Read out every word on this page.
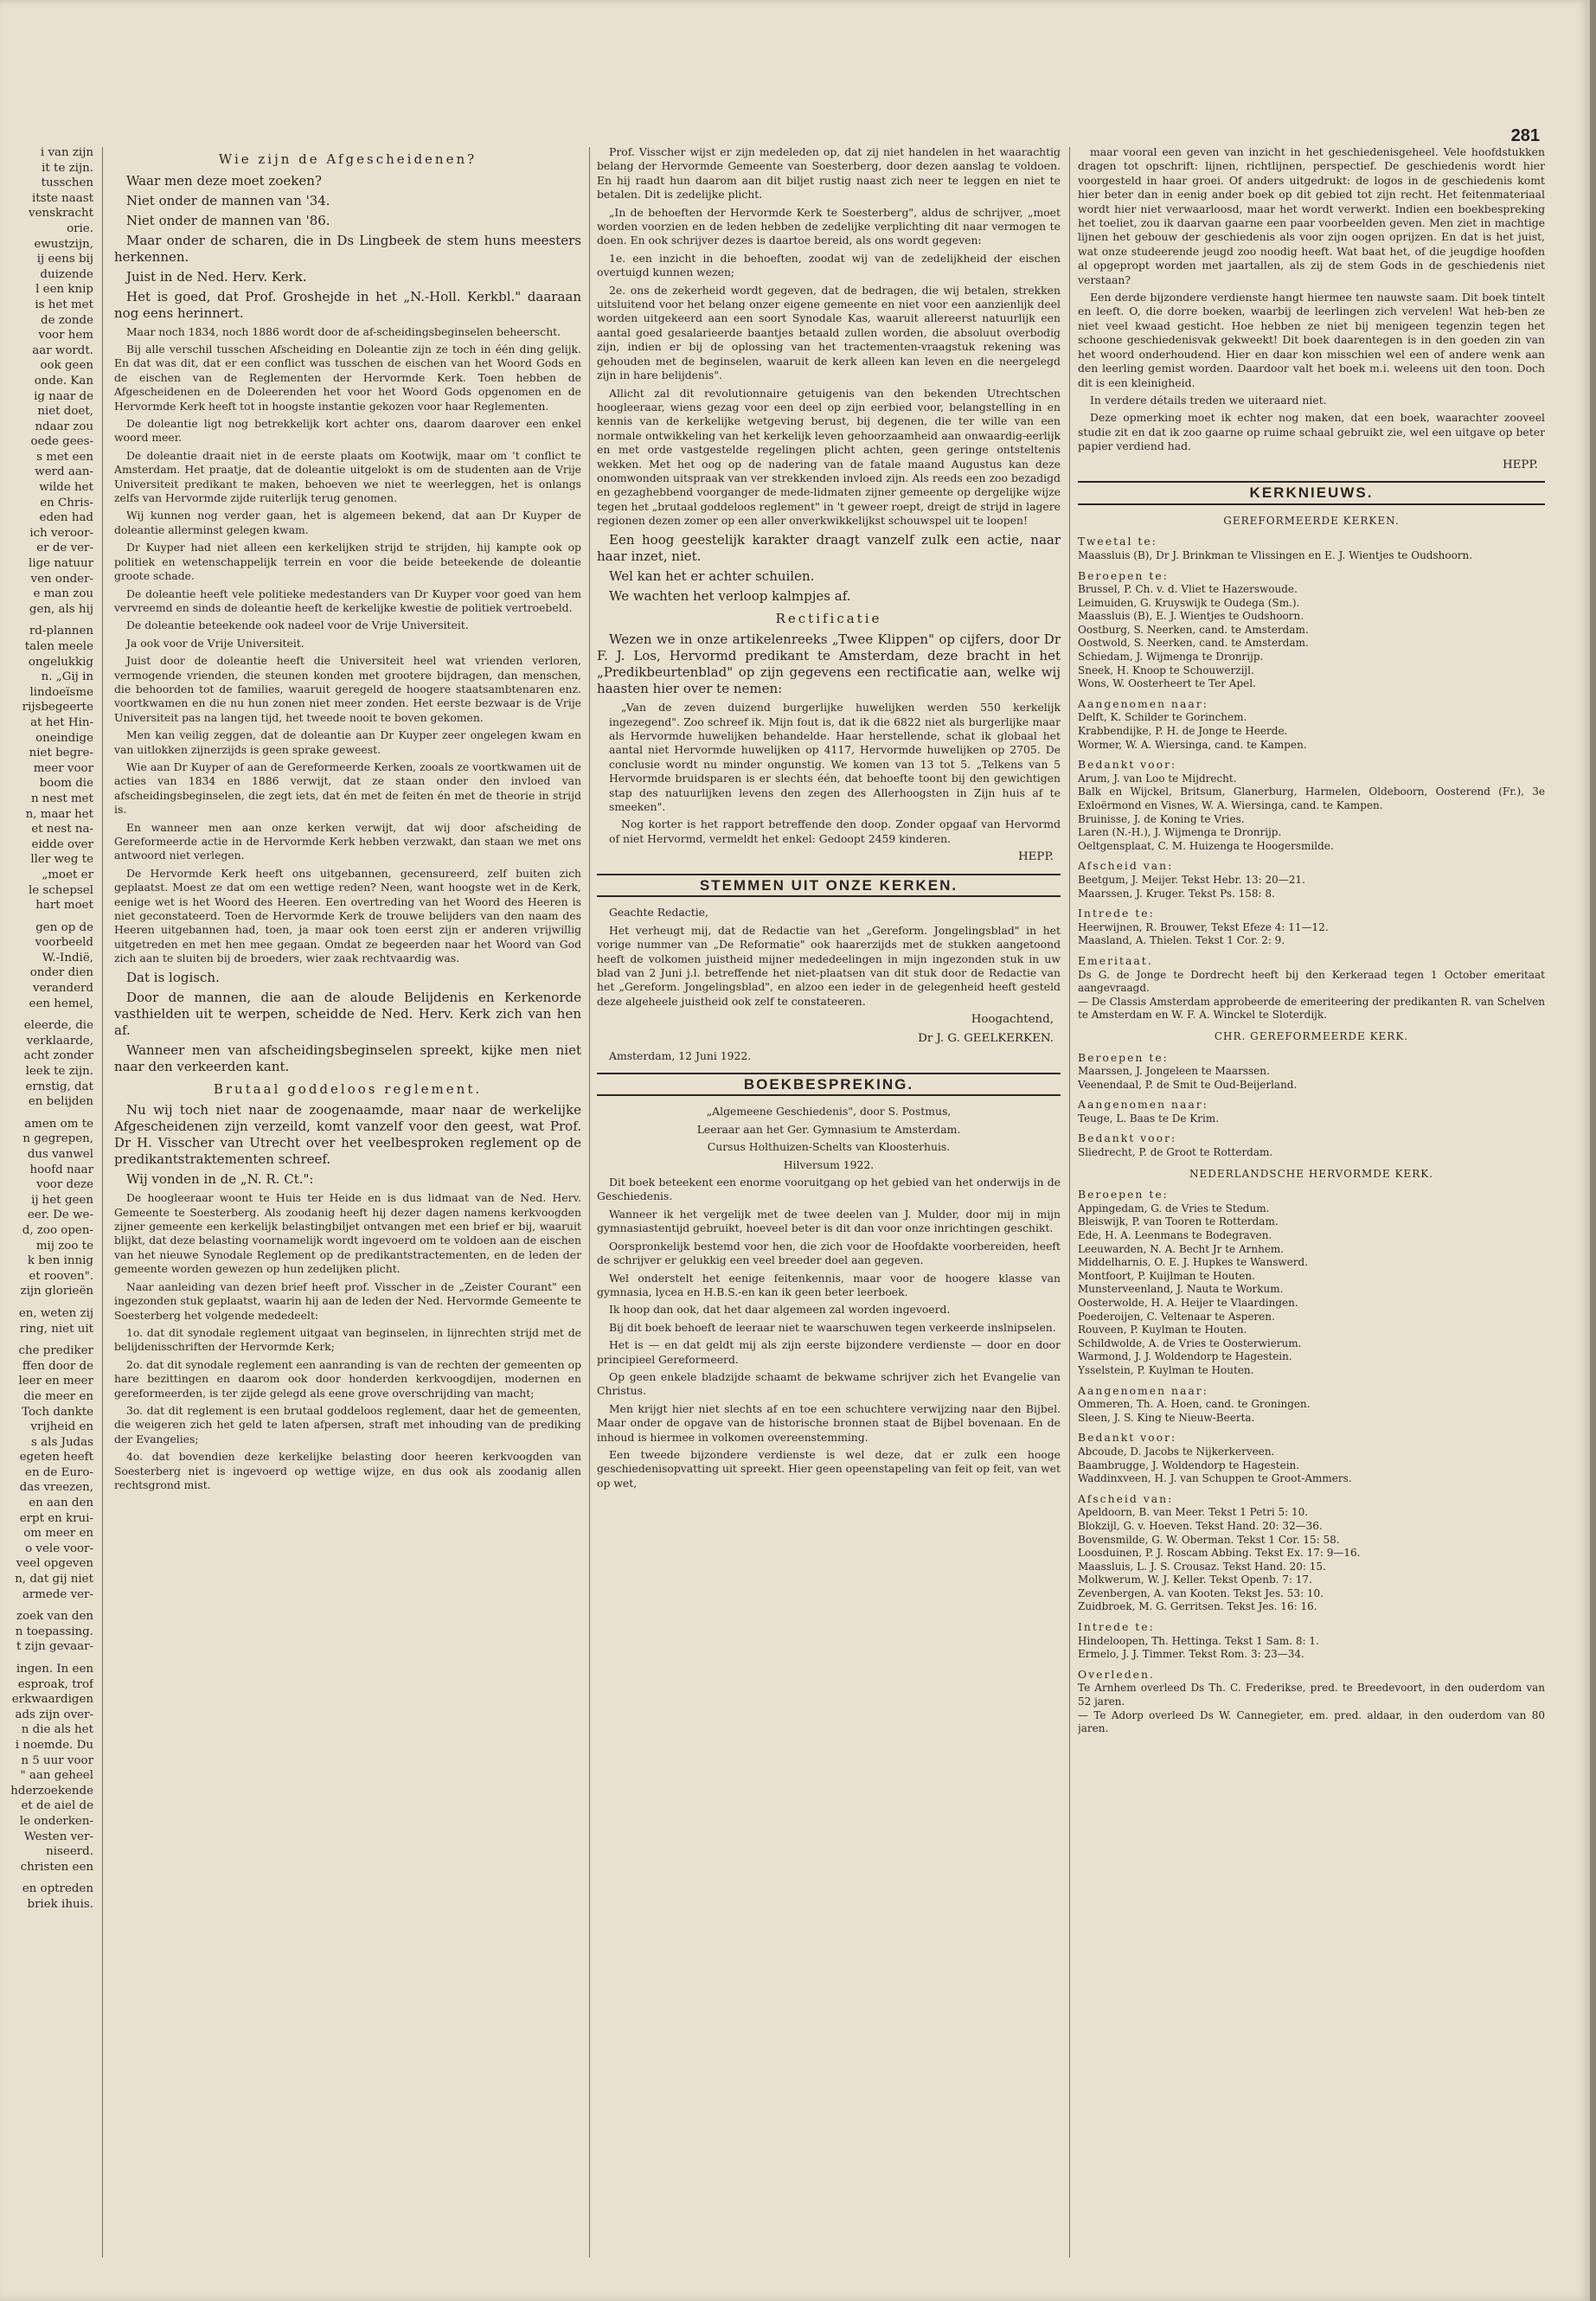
281
i van zijn
it te zijn.
tusschen
itste naast
venskracht
orie.
ewustzijn,
ij eens bij
duizende
l een knip
is het met
de zonde
voor hem
aar wordt.
ook geen
onde. Kan
ig naar de
niet doet,
ndaar zou
oede gees-
s met een
werd aan-
wilde het
en Chris-
eden had
ich veroor-
er de ver-
lige natuur
ven onder-
e man zou
gen, als hij
rd-plannen
talen meele
ongelukkig
n. „Gij in
lindoeïsme
rijsbegeerte
at het Hin-
oneindige
niet begre-
meer voor
boom die
n nest met
n, maar het
et nest na-
eidde over
ller weg te
„moet er
le schepsel
hart moet
gen op de
voorbeeld
W.-Indië,
onder dien
veranderd
een hemel,
eleerde, die
verklaarde,
acht zonder
leek te zijn.
ernstig, dat
en belijden
amen om te
n gegrepen,
dus vanwel
hoofd naar
voor deze
ij het geen
eer. De we-
d, zoo open-
mij zoo te
k ben innig
et rooven".
zijn glorieën
en, weten zij
ring, niet uit
che prediker
ffen door de
leer en meer
die meer en
Toch dankte
vrijheid en
s als Judas
egeten heeft
en de Euro-
das vreezen,
en aan den
erpt en krui-
om meer en
o vele voor-
veel opgeven
n, dat gij niet
armede ver-
zoek van den
n toepassing.
t zijn gevaar-
ingen. In een
esproak, trof
erkwaardigen
ads zijn over-
n die als het
i noemde. Du
n 5 uur voor
" aan geheel
hderzoekende
et de aiel de
le onderken-
Westen ver-
niseerd.
christen een
en optreden
briek ihuis.

Wie zijn de Afgescheidenen?

Waar men deze moet zoeken?

Niet onder de mannen van '34.

Niet onder de mannen van '86.

Maar onder de scharen, die in Ds Lingbeek de stem huns meesters herkennen.

Juist in de Ned. Herv. Kerk.

Het is goed, dat Prof. Groshejde in het „N.-Holl. Kerkbl." daaraan nog eens herinnert.

Maar noch 1834, noch 1886 wordt door de af-scheidingsbeginselen beheerscht.

Bij alle verschil tusschen Afscheiding en Doleantie zijn ze toch in één ding gelijk. En dat was dit, dat er een conflict was tusschen de eischen van het Woord Gods en de eischen van de Reglementen der Hervormde Kerk. Toen hebben de Afgescheidenen en de Doleerenden het voor het Woord Gods opgenomen en de Hervormde Kerk heeft tot in hoogste instantie gekozen voor haar Reglementen.

De doleantie ligt nog betrekkelijk kort achter ons, daarom daarover een enkel woord meer.

De doleantie draait niet in de eerste plaats om Kootwijk, maar om 't conflict te Amsterdam. Het praatje, dat de doleantie uitgelokt is om de studenten aan de Vrije Universiteit predikant te maken, behoeven we niet te weerleggen, het is onlangs zelfs van Hervormde zijde ruiterlijk terug genomen.

Wij kunnen nog verder gaan, het is algemeen bekend, dat aan Dr Kuyper de doleantie allerminst gelegen kwam.

Dr Kuyper had niet alleen een kerkelijken strijd te strijden, hij kampte ook op politiek en wetenschappelijk terrein en voor die beide beteekende de doleantie groote schade.

De doleantie heeft vele politieke medestanders van Dr Kuyper voor goed van hem vervreemd en sinds de doleantie heeft de kerkelijke kwestie de politiek vertroebeld.

De doleantie beteekende ook nadeel voor de Vrije Universiteit.

Ja ook voor de Vrije Universiteit.

Juist door de doleantie heeft die Universiteit heel wat vrienden verloren, vermogende vrienden, die steunen konden met grootere bijdragen, dan menschen, die behoorden tot de families, waaruit geregeld de hoogere staatsambtenaren enz. voortkwamen en die nu hun zonen niet meer zonden. Het eerste bezwaar is de Vrije Universiteit pas na langen tijd, het tweede nooit te boven gekomen.

Men kan veilig zeggen, dat de doleantie aan Dr Kuyper zeer ongelegen kwam en van uitlokken zijnerzijds is geen sprake geweest.

Wie aan Dr Kuyper of aan de Gereformeerde Kerken, zooals ze voortkwamen uit de acties van 1834 en 1886 verwijt, dat ze staan onder den invloed van afscheidingsbeginselen, die zegt iets, dat én met de feiten én met de theorie in strijd is.

En wanneer men aan onze kerken verwijt, dat wij door afscheiding de Gereformeerde actie in de Hervormde Kerk hebben verzwakt, dan staan we met ons antwoord niet verlegen.

De Hervormde Kerk heeft ons uitgebannen, gecensureerd, zelf buiten zich geplaatst. Moest ze dat om een wettige reden? Neen, want hoogste wet in de Kerk, eenige wet is het Woord des Heeren. Een overtreding van het Woord des Heeren is niet geconstateerd. Toen de Hervormde Kerk de trouwe belijders van den naam des Heeren uitgebannen had, toen, ja maar ook toen eerst zijn er anderen vrijwillig uitgetreden en met hen mee gegaan. Omdat ze begeerden naar het Woord van God zich aan te sluiten bij de broeders, wier zaak rechtvaardig was.

Dat is logisch.

Door de mannen, die aan de aloude Belijdenis en Kerkenorde vasthielden uit te werpen, scheidde de Ned. Herv. Kerk zich van hen af.

Wanneer men van afscheidingsbeginselen spreekt, kijke men niet naar den verkeerden kant.

Brutaal goddeloos reglement.

Nu wij toch niet naar de zoogenaamde, maar naar de werkelijke Afgescheidenen zijn verzeild, komt vanzelf voor den geest, wat Prof. Dr H. Visscher van Utrecht over het veelbesproken reglement op de predikantstraktementen schreef.

Wij vonden in de „N. R. Ct.":

De hoogleeraar woont te Huis ter Heide en is dus lidmaat van de Ned. Herv. Gemeente te Soesterberg. Als zoodanig heeft hij dezer dagen namens kerkvoogden zijner gemeente een kerkelijk belastingbiljet ontvangen met een brief er bij, waaruit blijkt, dat deze belasting voornamelijk wordt ingevoerd om te voldoen aan de eischen van het nieuwe Synodale Reglement op de predikantstractementen, en de leden der gemeente worden gewezen op hun zedelijken plicht.

Naar aanleiding van dezen brief heeft prof. Visscher in de „Zeister Courant" een ingezonden stuk geplaatst, waarin hij aan de leden der Ned. Hervormde Gemeente te Soesterberg het volgende mededeelt:

1o. dat dit synodale reglement uitgaat van beginselen, in lijnrechten strijd met de belijdenisschriften der Hervormde Kerk;

2o. dat dit synodale reglement een aanranding is van de rechten der gemeenten op hare bezittingen en daarom ook door honderden kerkvoogdijen, modernen en gereformeerden, is ter zijde gelegd als eene grove overschrijding van macht;

3o. dat dit reglement is een brutaal goddeloos reglement, daar het de gemeenten, die weigeren zich het geld te laten afpersen, straft met inhouding van de prediking der Evangelies;

4o. dat bovendien deze kerkelijke belasting door heeren kerkvoogden van Soesterberg niet is ingevoerd op wettige wijze, en dus ook als zoodanig allen rechtsgrond mist.

Prof. Visscher wijst er zijn medeleden op, dat zij niet handelen in het waarachtig belang der Hervormde Gemeente van Soesterberg, door dezen aanslag te voldoen. En hij raadt hun daarom aan dit biljet rustig naast zich neer te leggen en niet te betalen. Dit is zedelijke plicht.

„In de behoeften der Hervormde Kerk te Soesterberg", aldus de schrijver, „moet worden voorzien en de leden hebben de zedelijke verplichting dit naar vermogen te doen. En ook schrijver dezes is daartoe bereid, als ons wordt gegeven:

1e. een inzicht in die behoeften, zoodat wij van de zedelijkheid der eischen overtuigd kunnen wezen;

2e. ons de zekerheid wordt gegeven, dat de bedragen, die wij betalen, strekken uitsluitend voor het belang onzer eigene gemeente en niet voor een aanzienlijk deel worden uitgekeerd aan een soort Synodale Kas, waaruit allereerst natuurlijk een aantal goed gesalarieerde baantjes betaald zullen worden, die absoluut overbodig zijn, indien er bij de oplossing van het tractementen-vraagstuk rekening was gehouden met de beginselen, waaruit de kerk alleen kan leven en die neergelegd zijn in hare belijdenis".

Allicht zal dit revolutionnaire getuigenis van den bekenden Utrechtschen hoogleeraar, wiens gezag voor een deel op zijn eerbied voor, belangstelling in en kennis van de kerkelijke wetgeving berust, bij degenen, die ter wille van een normale ontwikkeling van het kerkelijk leven gehoorzaamheid aan onwaardig-eerlijk en met orde vastgestelde regelingen plicht achten, geen geringe ontsteltenis wekken. Met het oog op de nadering van de fatale maand Augustus kan deze onomwonden uitspraak van ver strekkenden invloed zijn. Als reeds een zoo bezadigd en gezaghebbend voorganger de mede-lidmaten zijner gemeente op dergelijke wijze tegen het „brutaal goddeloos reglement" in 't geweer roept, dreigt de strijd in lagere regionen dezen zomer op een aller onverkwikkelijkst schouwspel uit te loopen!

Een hoog geestelijk karakter draagt vanzelf zulk een actie, naar haar inzet, niet.

Wel kan het er achter schuilen.

We wachten het verloop kalmpjes af.

Rectificatie

Wezen we in onze artikelenreeks „Twee Klippen" op cijfers, door Dr F. J. Los, Hervormd predikant te Amsterdam, deze bracht in het „Predikbeurtenblad" op zijn gegevens een rectificatie aan, welke wij haasten hier over te nemen:

„Van de zeven duizend burgerlijke huwelijken werden 550 kerkelijk ingezegend". Zoo schreef ik. Mijn fout is, dat ik die 6822 niet als burgerlijke maar als Hervormde huwelijken behandelde. Haar herstellende, schat ik globaal het aantal niet Hervormde huwelijken op 4117, Hervormde huwelijken op 2705. De conclusie wordt nu minder ongunstig. We komen van 13 tot 5. „Telkens van 5 Hervormde bruidsparen is er slechts één, dat behoefte toont bij den gewichtigen stap des natuurlijken levens den zegen des Allerhoogsten in Zijn huis af te smeeken".

Nog korter is het rapport betreffende den doop. Zonder opgaaf van Hervormd of niet Hervormd, vermeldt het enkel: Gedoopt 2459 kinderen.

HEPP.

STEMMEN UIT ONZE KERKEN.

Geachte Redactie,

Het verheugt mij, dat de Redactie van het „Gereform. Jongelingsblad" in het vorige nummer van „De Reformatie" ook haarerzijds met de stukken aangetoond heeft de volkomen juistheid mijner mededeelingen in mijn ingezonden stuk in uw blad van 2 Juni j.l. betreffende het niet-plaatsen van dit stuk door de Redactie van het „Gereform. Jongelingsblad", en alzoo een ieder in de gelegenheid heeft gesteld deze algeheele juistheid ook zelf te constateeren.

Hoogachtend,

Dr J. G. GEELKERKEN.

Amsterdam, 12 Juni 1922.

BOEKBESPREKING.

„Algemeene Geschiedenis", door S. Postmus,

Leeraar aan het Ger. Gymnasium te Amsterdam.

Cursus Holthuizen-Schelts van Kloosterhuis.

Hilversum 1922.

Dit boek beteekent een enorme vooruitgang op het gebied van het onderwijs in de Geschiedenis.

Wanneer ik het vergelijk met de twee deelen van J. Mulder, door mij in mijn gymnasiastentijd gebruikt, hoeveel beter is dit dan voor onze inrichtingen geschikt.

Oorspronkelijk bestemd voor hen, die zich voor de Hoofdakte voorbereiden, heeft de schrijver er gelukkig een veel breeder doel aan gegeven.

Wel onderstelt het eenige feitenkennis, maar voor de hoogere klasse van gymnasia, lycea en H.B.S.-en kan ik geen beter leerboek.

Ik hoop dan ook, dat het daar algemeen zal worden ingevoerd.

Bij dit boek behoeft de leeraar niet te waarschuwen tegen verkeerde inslnipselen.

Het is — en dat geldt mij als zijn eerste bijzondere verdienste — door en door principieel Gereformeerd.

Op geen enkele bladzijde schaamt de bekwame schrijver zich het Evangelie van Christus.

Men krijgt hier niet slechts af en toe een schuchtere verwijzing naar den Bijbel. Maar onder de opgave van de historische bronnen staat de Bijbel bovenaan. En de inhoud is hiermee in volkomen overeenstemming.

Een tweede bijzondere verdienste is wel deze, dat er zulk een hooge geschiedenisopvatting uit spreekt. Hier geen opeenstapeling van feit op feit, van wet op wet,

maar vooral een geven van inzicht in het geschiedenisgeheel. Vele hoofdstukken dragen tot opschrift: lijnen, richtlijnen, perspectief. De geschiedenis wordt hier voorgesteld in haar groei. Of anders uitgedrukt: de logos in de geschiedenis komt hier beter dan in eenig ander boek op dit gebied tot zijn recht. Het feitenmateriaal wordt hier niet verwaarloosd, maar het wordt verwerkt. Indien een boekbespreking het toeliet, zou ik daarvan gaarne een paar voorbeelden geven. Men ziet in machtige lijnen het gebouw der geschiedenis als voor zijn oogen oprijzen. En dat is het juist, wat onze studeerende jeugd zoo noodig heeft. Wat baat het, of die jeugdige hoofden al opgepropt worden met jaartallen, als zij de stem Gods in de geschiedenis niet verstaan?

Een derde bijzondere verdienste hangt hiermee ten nauwste saam. Dit boek tintelt en leeft. O, die dorre boeken, waarbij de leerlingen zich vervelen! Wat heb-ben ze niet veel kwaad gesticht. Hoe hebben ze niet bij menigeen tegenzin tegen het schoone geschiedenisvak gekweekt! Dit boek daarentegen is in den goeden zin van het woord onderhoudend. Hier en daar kon misschien wel een of andere wenk aan den leerling gemist worden. Daardoor valt het boek m.i. weleens uit den toon. Doch dit is een kleinigheid.

In verdere détails treden we uiteraard niet.

Deze opmerking moet ik echter nog maken, dat een boek, waarachter zooveel studie zit en dat ik zoo gaarne op ruime schaal gebruikt zie, wel een uitgave op beter papier verdiend had.

HEPP.

KERKNIEUWS.

GEREFORMEERDE KERKEN.

Tweetal te:

Maassluis (B), Dr J. Brinkman te Vlissingen en E. J. Wientjes te Oudshoorn.

Beroepen te:

Brussel, P. Ch. v. d. Vliet te Hazerswoude.

Leimuiden, G. Kruyswijk te Oudega (Sm.).

Maassluis (B), E. J. Wientjes te Oudshoorn.

Oostburg, S. Neerken, cand. te Amsterdam.

Oostwold, S. Neerken, cand. te Amsterdam.

Schiedam, J. Wijmenga te Dronrijp.

Sneek, H. Knoop te Schouwerzijl.

Wons, W. Oosterheert te Ter Apel.

Aangenomen naar:

Delft, K. Schilder te Gorinchem.

Krabbendijke, P. H. de Jonge te Heerde.

Wormer, W. A. Wiersinga, cand. te Kampen.

Bedankt voor:

Arum, J. van Loo te Mijdrecht.

Balk en Wijckel, Britsum, Glanerburg, Harmelen, Oldeboorn, Oosterend (Fr.), 3e Exloërmond en Visnes, W. A. Wiersinga, cand. te Kampen.

Bruinisse, J. de Koning te Vries.

Laren (N.-H.), J. Wijmenga te Dronrijp.

Oeltgensplaat, C. M. Huizenga te Hoogersmilde.

Afscheid van:

Beetgum, J. Meijer. Tekst Hebr. 13: 20—21.

Maarssen, J. Kruger. Tekst Ps. 158: 8.

Intrede te:

Heerwijnen, R. Brouwer, Tekst Efeze 4: 11—12.

Maasland, A. Thielen. Tekst 1 Cor. 2: 9.

Emeritaat.

Ds G. de Jonge te Dordrecht heeft bij den Kerkeraad tegen 1 October emeritaat aangevraagd.

— De Classis Amsterdam approbeerde de emeriteering der predikanten R. van Schelven te Amsterdam en W. F. A. Winckel te Sloterdijk.

CHR. GEREFORMEERDE KERK.

Beroepen te:

Maarssen, J. Jongeleen te Maarssen.

Veenendaal, P. de Smit te Oud-Beijerland.

Aangenomen naar:

Teuge, L. Baas te De Krim.

Bedankt voor:

Sliedrecht, P. de Groot te Rotterdam.

NEDERLANDSCHE HERVORMDE KERK.

Beroepen te:

Appingedam, G. de Vries te Stedum.

Bleiswijk, P. van Tooren te Rotterdam.

Ede, H. A. Leenmans te Bodegraven.

Leeuwarden, N. A. Becht Jr te Arnhem.

Middelharnis, O. E. J. Hupkes te Wanswerd.

Montfoort, P. Kuijlman te Houten.

Munsterveenland, J. Nauta te Workum.

Oosterwolde, H. A. Heijer te Vlaardingen.

Poederoijen, C. Veltenaar te Asperen.

Rouveen, P. Kuylman te Houten.

Schildwolde, A. de Vries te Oosterwierum.

Warmond, J. J. Woldendorp te Hagestein.

Ysselstein, P. Kuylman te Houten.

Aangenomen naar:

Ommeren, Th. A. Hoen, cand. te Groningen.

Sleen, J. S. King te Nieuw-Beerta.

Bedankt voor:

Abcoude, D. Jacobs te Nijkerkerveen.

Baambrugge, J. Woldendorp te Hagestein.

Waddinxveen, H. J. van Schuppen te Groot-Ammers.

Afscheid van:

Apeldoorn, B. van Meer. Tekst 1 Petri 5: 10.

Blokzijl, G. v. Hoeven. Tekst Hand. 20: 32—36.

Bovensmilde, G. W. Oberman. Tekst 1 Cor. 15: 58.

Loosduinen, P. J. Roscam Abbing. Tekst Ex. 17: 9—16.

Maassluis, L. J. S. Crousaz. Tekst Hand. 20: 15.

Molkwerum, W. J. Keller. Tekst Openb. 7: 17.

Zevenbergen, A. van Kooten. Tekst Jes. 53: 10.

Zuidbroek, M. G. Gerritsen. Tekst Jes. 16: 16.

Intrede te:

Hindeloopen, Th. Hettinga. Tekst 1 Sam. 8: 1.

Ermelo, J. J. Timmer. Tekst Rom. 3: 23—34.

Overleden.

Te Arnhem overleed Ds Th. C. Frederikse, pred. te Breedevoort, in den ouderdom van 52 jaren.

— Te Adorp overleed Ds W. Cannegieter, em. pred. aldaar, in den ouderdom van 80 jaren.
